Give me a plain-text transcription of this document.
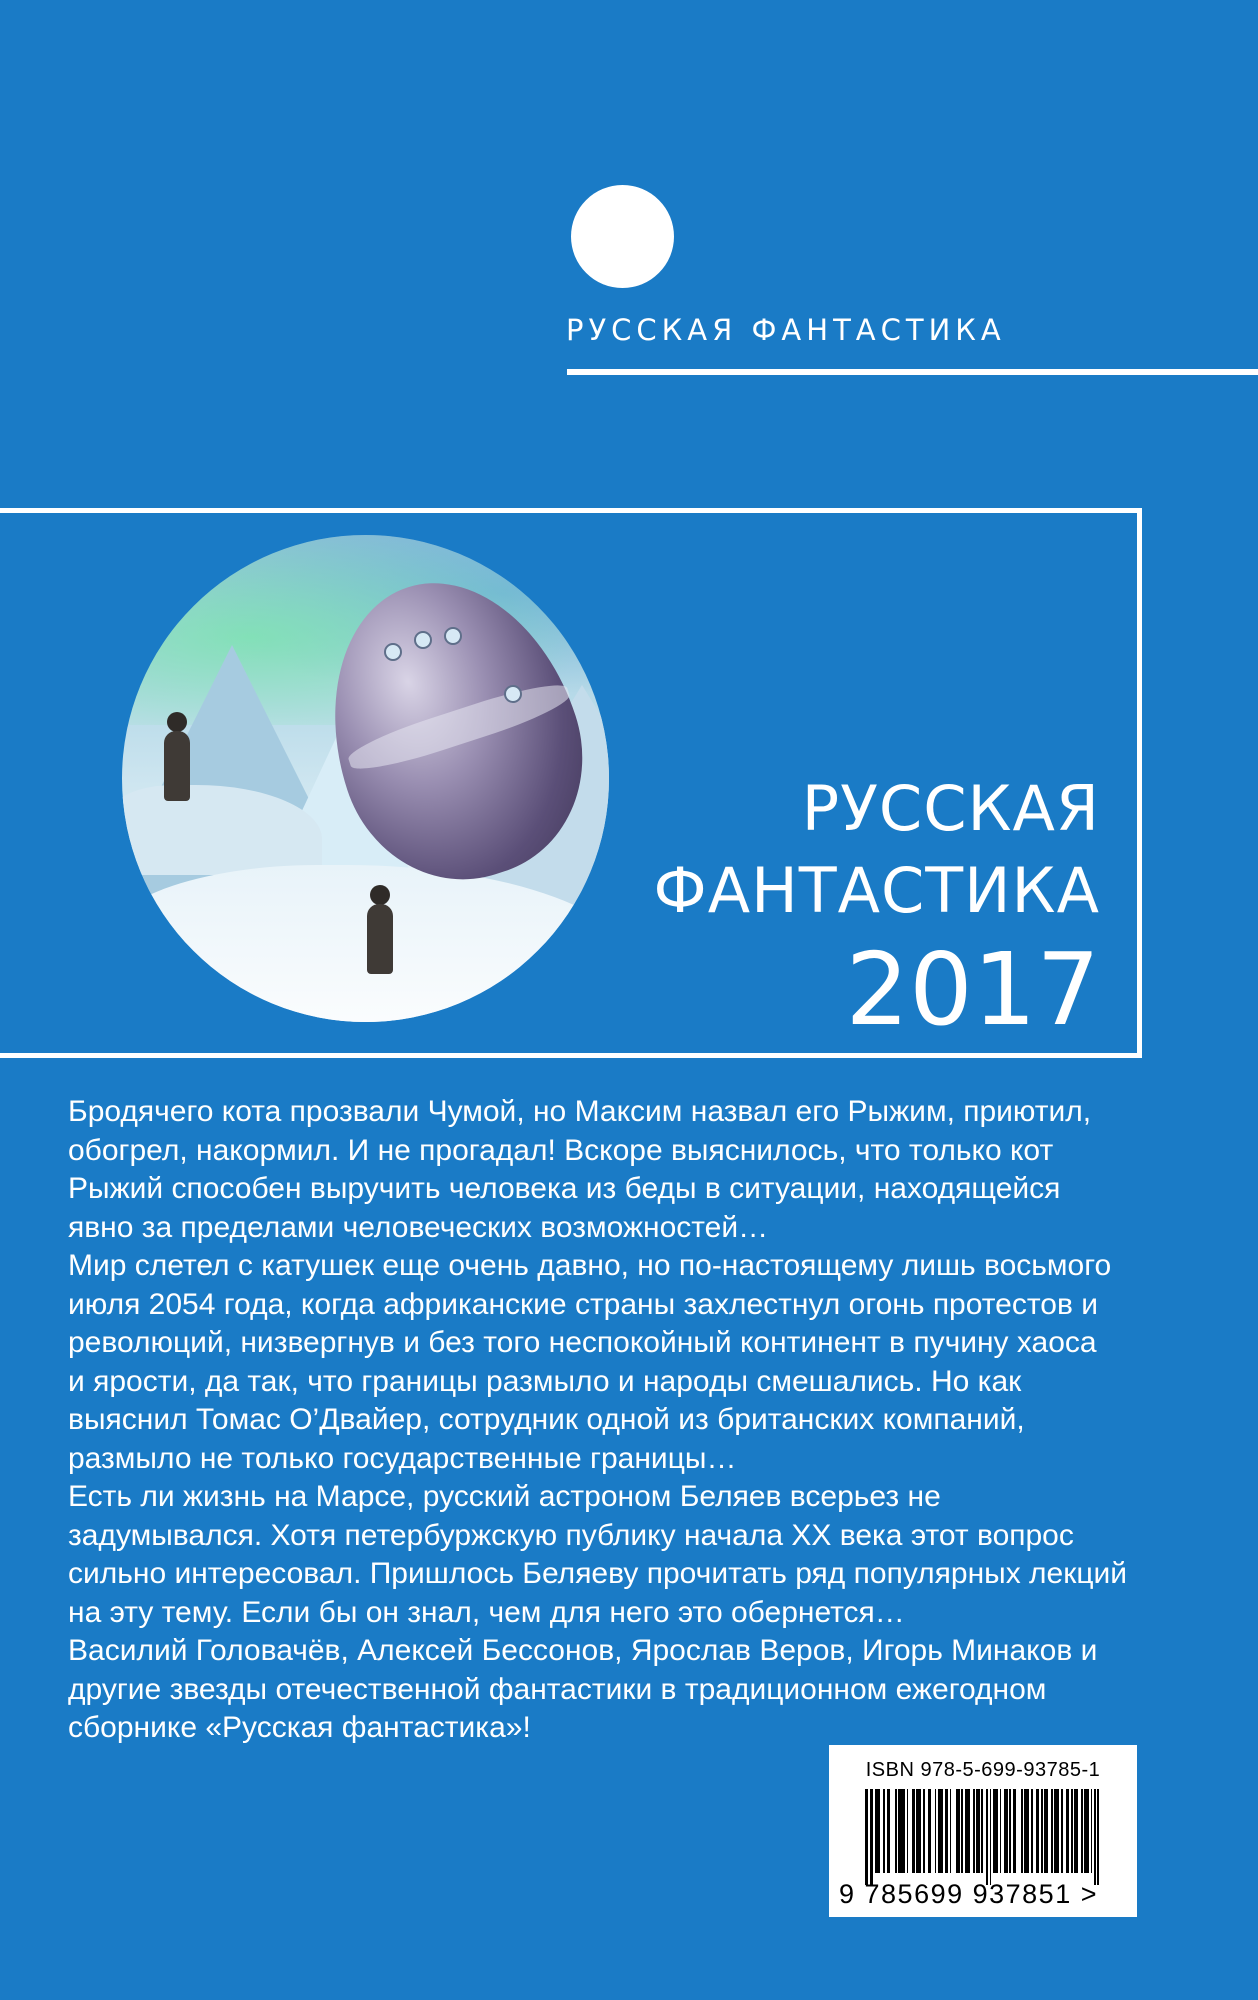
РУССКАЯ ФАНТАСТИКА
РУССКАЯ
ФАНТАСТИКА
2017
Бродячего кота прозвали Чумой, но Максим назвал его Рыжим, приютил,
обогрел, накормил. И не прогадал! Вскоре выяснилось, что только кот
Рыжий способен выручить человека из беды в ситуации, находящейся
явно за пределами человеческих возможностей…
Мир слетел с катушек еще очень давно, но по-настоящему лишь восьмого
июля 2054 года, когда африканские страны захлестнул огонь протестов и
революций, низвергнув и без того неспокойный континент в пучину хаоса
и ярости, да так, что границы размыло и народы смешались. Но как
выяснил Томас О’Двайер, сотрудник одной из британских компаний,
размыло не только государственные границы…
Есть ли жизнь на Марсе, русский астроном Беляев всерьез не
задумывался. Хотя петербуржскую публику начала XX века этот вопрос
сильно интересовал. Пришлось Беляеву прочитать ряд популярных лекций
на эту тему. Если бы он знал, чем для него это обернется…
Василий Головачёв, Алексей Бессонов, Ярослав Веров, Игорь Минаков и
другие звезды отечественной фантастики в традиционном ежегодном
сборнике «Русская фантастика»!
ISBN 978-5-699-93785-1
9 785699 937851 >
